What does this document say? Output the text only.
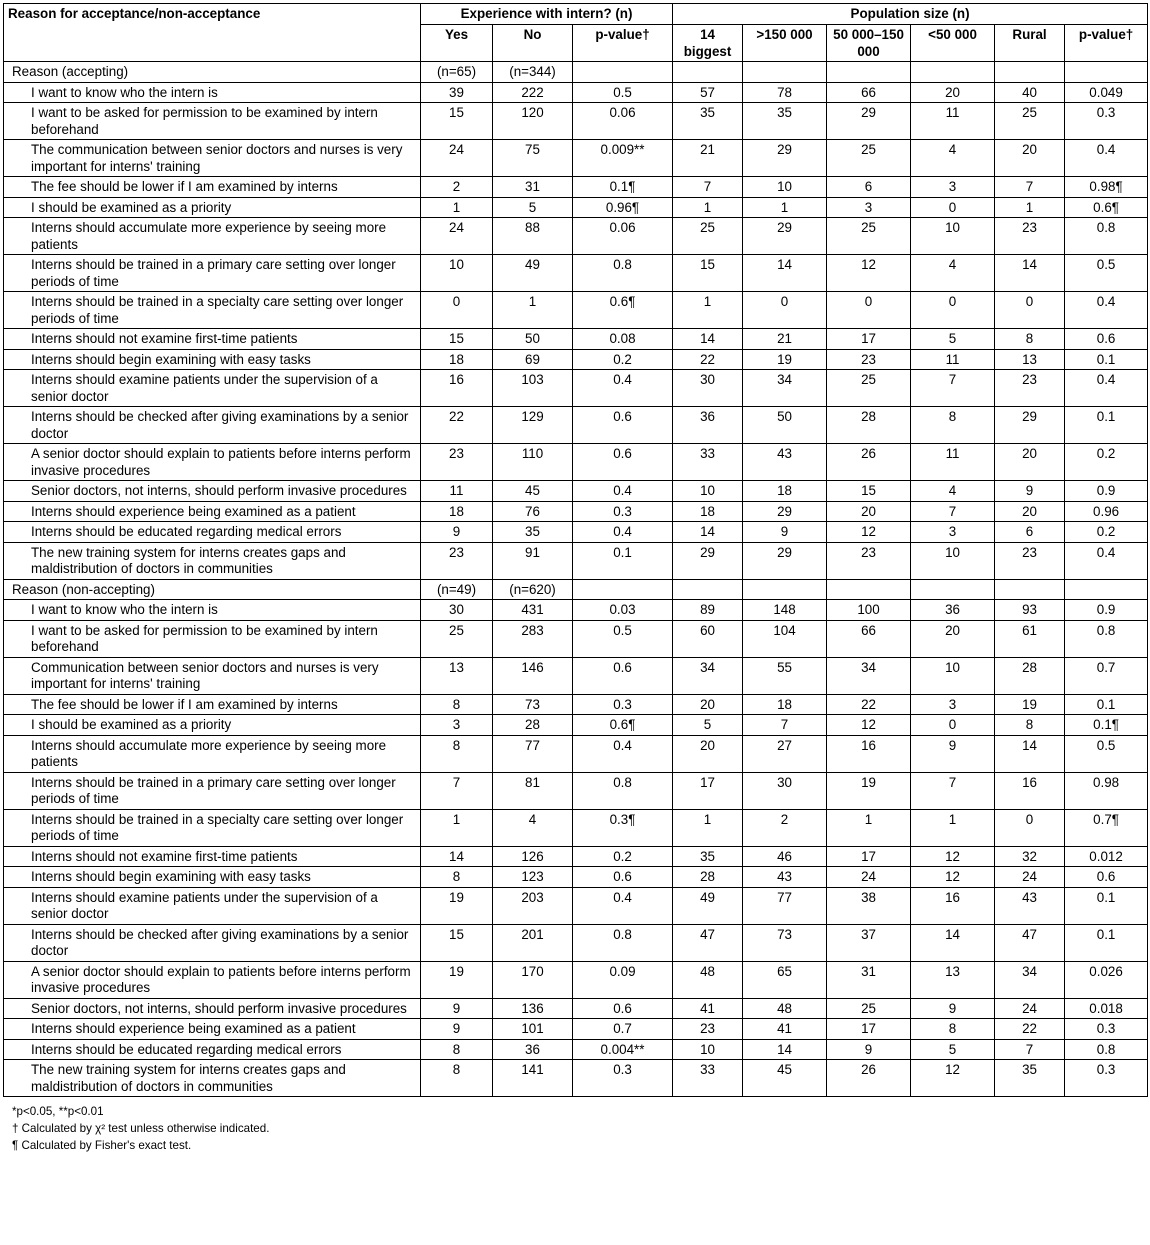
Reason for acceptance/non-acceptance	Experience with intern? (n)			Population size (n)					
	Yes	No	p-value†	14 biggest	>150 000	50 000–150 000	<50 000	Rural	p-value†
Reason (accepting)	(n=65)	(n=344)							
I want to know who the intern is	39	222	0.5	57	78	66	20	40	0.049
I want to be asked for permission to be examined by intern beforehand	15	120	0.06	35	35	29	11	25	0.3
The communication between senior doctors and nurses is very important for interns' training	24	75	0.009**	21	29	25	4	20	0.4
The fee should be lower if I am examined by interns	2	31	0.1¶	7	10	6	3	7	0.98¶
I should be examined as a priority	1	5	0.96¶	1	1	3	0	1	0.6¶
Interns should accumulate more experience by seeing more patients	24	88	0.06	25	29	25	10	23	0.8
Interns should be trained in a primary care setting over longer periods of time	10	49	0.8	15	14	12	4	14	0.5
Interns should be trained in a specialty care setting over longer periods of time	0	1	0.6¶	1	0	0	0	0	0.4
Interns should not examine first-time patients	15	50	0.08	14	21	17	5	8	0.6
Interns should begin examining with easy tasks	18	69	0.2	22	19	23	11	13	0.1
Interns should examine patients under the supervision of a senior doctor	16	103	0.4	30	34	25	7	23	0.4
Interns should be checked after giving examinations by a senior doctor	22	129	0.6	36	50	28	8	29	0.1
A senior doctor should explain to patients before interns perform invasive procedures	23	110	0.6	33	43	26	11	20	0.2
Senior doctors, not interns, should perform invasive procedures	11	45	0.4	10	18	15	4	9	0.9
Interns should experience being examined as a patient	18	76	0.3	18	29	20	7	20	0.96
Interns should be educated regarding medical errors	9	35	0.4	14	9	12	3	6	0.2
The new training system for interns creates gaps and maldistribution of doctors in communities	23	91	0.1	29	29	23	10	23	0.4
Reason (non-accepting)	(n=49)	(n=620)							
I want to know who the intern is	30	431	0.03	89	148	100	36	93	0.9
I want to be asked for permission to be examined by intern beforehand	25	283	0.5	60	104	66	20	61	0.8
Communication between senior doctors and nurses is very important for interns' training	13	146	0.6	34	55	34	10	28	0.7
The fee should be lower if I am examined by interns	8	73	0.3	20	18	22	3	19	0.1
I should be examined as a priority	3	28	0.6¶	5	7	12	0	8	0.1¶
Interns should accumulate more experience by seeing more patients	8	77	0.4	20	27	16	9	14	0.5
Interns should be trained in a primary care setting over longer periods of time	7	81	0.8	17	30	19	7	16	0.98
Interns should be trained in a specialty care setting over longer periods of time	1	4	0.3¶	1	2	1	1	0	0.7¶
Interns should not examine first-time patients	14	126	0.2	35	46	17	12	32	0.012
Interns should begin examining with easy tasks	8	123	0.6	28	43	24	12	24	0.6
Interns should examine patients under the supervision of a senior doctor	19	203	0.4	49	77	38	16	43	0.1
Interns should be checked after giving examinations by a senior doctor	15	201	0.8	47	73	37	14	47	0.1
A senior doctor should explain to patients before interns perform invasive procedures	19	170	0.09	48	65	31	13	34	0.026
Senior doctors, not interns, should perform invasive procedures	9	136	0.6	41	48	25	9	24	0.018
Interns should experience being examined as a patient	9	101	0.7	23	41	17	8	22	0.3
Interns should be educated regarding medical errors	8	36	0.004**	10	14	9	5	7	0.8
The new training system for interns creates gaps and maldistribution of doctors in communities	8	141	0.3	33	45	26	12	35	0.3
*p<0.05, **p<0.01
† Calculated by χ² test unless otherwise indicated.
¶ Calculated by Fisher's exact test.
